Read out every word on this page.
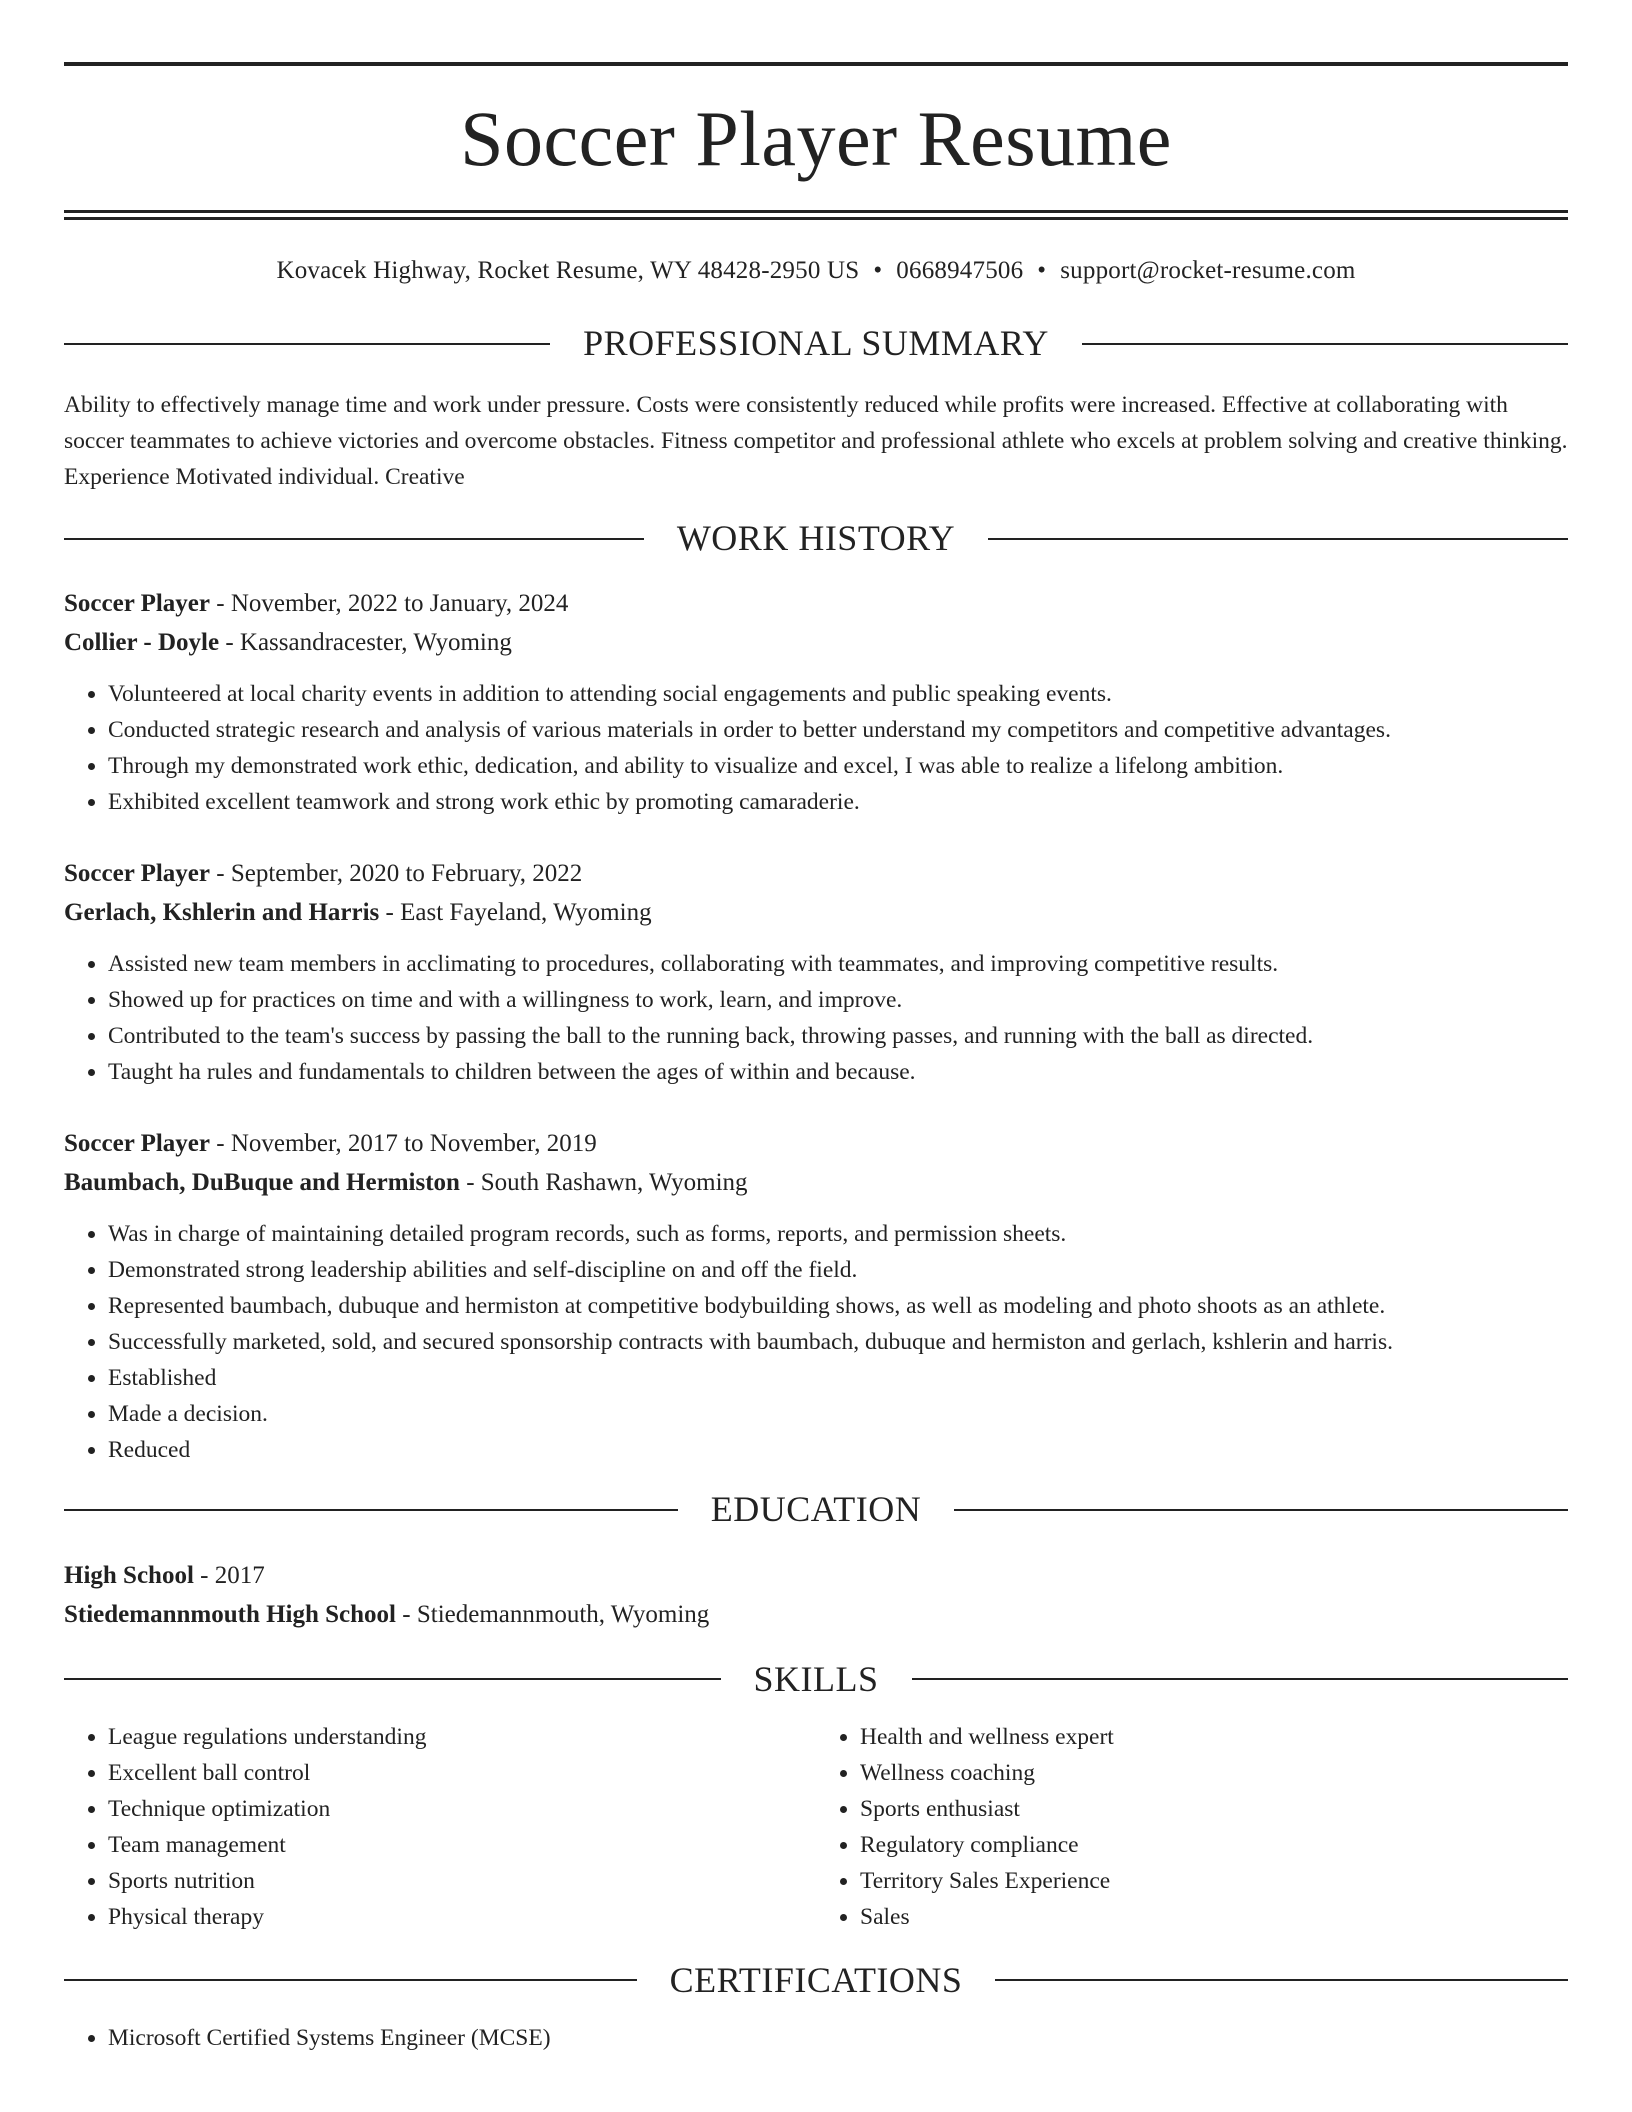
Soccer Player Resume
Kovacek Highway, Rocket Resume, WY 48428-2950 US • 0668947506 • support@rocket-resume.com
PROFESSIONAL SUMMARY

Ability to effectively manage time and work under pressure. Costs were consistently reduced while profits were increased. Effective at collaborating with soccer teammates to achieve victories and overcome obstacles. Fitness competitor and professional athlete who excels at problem solving and creative thinking. Experience Motivated individual. Creative

WORK HISTORY
Soccer Player - November, 2022 to January, 2024
Collier - Doyle - Kassandracester, Wyoming
• Volunteered at local charity events in addition to attending social engagements and public speaking events.
• Conducted strategic research and analysis of various materials in order to better understand my competitors and competitive advantages.
• Through my demonstrated work ethic, dedication, and ability to visualize and excel, I was able to realize a lifelong ambition.
• Exhibited excellent teamwork and strong work ethic by promoting camaraderie.
Soccer Player - September, 2020 to February, 2022
Gerlach, Kshlerin and Harris - East Fayeland, Wyoming
• Assisted new team members in acclimating to procedures, collaborating with teammates, and improving competitive results.
• Showed up for practices on time and with a willingness to work, learn, and improve.
• Contributed to the team's success by passing the ball to the running back, throwing passes, and running with the ball as directed.
• Taught ha rules and fundamentals to children between the ages of within and because.
Soccer Player - November, 2017 to November, 2019
Baumbach, DuBuque and Hermiston - South Rashawn, Wyoming
• Was in charge of maintaining detailed program records, such as forms, reports, and permission sheets.
• Demonstrated strong leadership abilities and self-discipline on and off the field.
• Represented baumbach, dubuque and hermiston at competitive bodybuilding shows, as well as modeling and photo shoots as an athlete.
• Successfully marketed, sold, and secured sponsorship contracts with baumbach, dubuque and hermiston and gerlach, kshlerin and harris.
• Established
• Made a decision.
• Reduced
EDUCATION
High School - 2017
Stiedemannmouth High School - Stiedemannmouth, Wyoming
SKILLS
• League regulations understanding
• Excellent ball control
• Technique optimization
• Team management
• Sports nutrition
• Physical therapy
• Health and wellness expert
• Wellness coaching
• Sports enthusiast
• Regulatory compliance
• Territory Sales Experience
• Sales
CERTIFICATIONS
• Microsoft Certified Systems Engineer (MCSE)
